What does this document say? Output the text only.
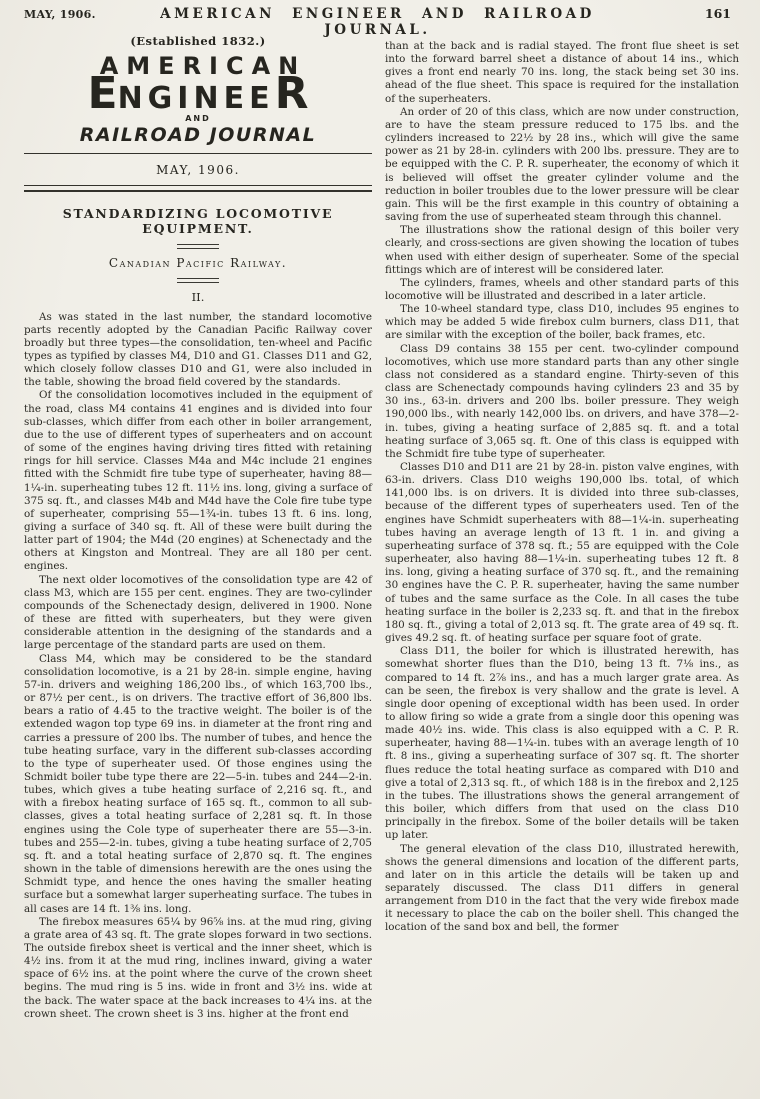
MAY, 1906.	AMERICAN ENGINEER AND RAILROAD JOURNAL.
161
(Established 1832.)
AMERICAN
ENGINEER
AND
RAILROAD JOURNAL
MAY, 1906.
STANDARDIZING LOCOMOTIVE EQUIPMENT.
Canadian Pacific Railway.
II.

As was stated in the last number, the standard locomotive parts recently adopted by the Canadian Pacific Railway cover broadly but three types—the consolidation, ten-wheel and Pacific types as typified by classes M4, D10 and G1. Classes D11 and G2, which closely follow classes D10 and G1, were also included in the table, showing the broad field covered by the standards.

Of the consolidation locomotives included in the equipment of the road, class M4 contains 41 engines and is divided into four sub-classes, which differ from each other in boiler arrangement, due to the use of different types of superheaters and on account of some of the engines having driving tires fitted with retaining rings for hill service. Classes M4a and M4c include 21 engines fitted with the Schmidt fire tube type of superheater, having 88—1¼-in. superheating tubes 12 ft. 11½ ins. long, giving a surface of 375 sq. ft., and classes M4b and M4d have the Cole fire tube type of superheater, comprising 55—1¾-in. tubes 13 ft. 6 ins. long, giving a surface of 340 sq. ft. All of these were built during the latter part of 1904; the M4d (20 engines) at Schenectady and the others at Kingston and Montreal. They are all 180 per cent. engines.

The next older locomotives of the consolidation type are 42 of class M3, which are 155 per cent. engines. They are two-cylinder compounds of the Schenectady design, delivered in 1900. None of these are fitted with superheaters, but they were given considerable attention in the designing of the standards and a large percentage of the standard parts are used on them.

Class M4, which may be considered to be the standard consolidation locomotive, is a 21 by 28-in. simple engine, having 57-in. drivers and weighing 186,200 lbs., of which 163,700 lbs., or 87½ per cent., is on drivers. The tractive effort of 36,800 lbs. bears a ratio of 4.45 to the tractive weight. The boiler is of the extended wagon top type 69 ins. in diameter at the front ring and carries a pressure of 200 lbs. The number of tubes, and hence the tube heating surface, vary in the different sub-classes according to the type of superheater used. Of those engines using the Schmidt boiler tube type there are 22—5-in. tubes and 244—2-in. tubes, which gives a tube heating surface of 2,216 sq. ft., and with a firebox heating surface of 165 sq. ft., common to all sub-classes, gives a total heating surface of 2,281 sq. ft. In those engines using the Cole type of superheater there are 55—3-in. tubes and 255—2-in. tubes, giving a tube heating surface of 2,705 sq. ft. and a total heating surface of 2,870 sq. ft. The engines shown in the table of dimensions herewith are the ones using the Schmidt type, and hence the ones having the smaller heating surface but a somewhat larger superheating surface. The tubes in all cases are 14 ft. 1⅜ ins. long.

The firebox measures 65¼ by 96⅝ ins. at the mud ring, giving a grate area of 43 sq. ft. The grate slopes forward in two sections. The outside firebox sheet is vertical and the inner sheet, which is 4½ ins. from it at the mud ring, inclines inward, giving a water space of 6½ ins. at the point where the curve of the crown sheet begins. The mud ring is 5 ins. wide in front and 3½ ins. wide at the back. The water space at the back increases to 4¼ ins. at the crown sheet. The crown sheet is 3 ins. higher at the front end

than at the back and is radial stayed. The front flue sheet is set into the forward barrel sheet a distance of about 14 ins., which gives a front end nearly 70 ins. long, the stack being set 30 ins. ahead of the flue sheet. This space is required for the installation of the superheaters.

An order of 20 of this class, which are now under construction, are to have the steam pressure reduced to 175 lbs. and the cylinders increased to 22½ by 28 ins., which will give the same power as 21 by 28-in. cylinders with 200 lbs. pressure. They are to be equipped with the C. P. R. superheater, the economy of which it is believed will offset the greater cylinder volume and the reduction in boiler troubles due to the lower pressure will be clear gain. This will be the first example in this country of obtaining a saving from the use of superheated steam through this channel.

The illustrations show the rational design of this boiler very clearly, and cross-sections are given showing the location of tubes when used with either design of superheater. Some of the special fittings which are of interest will be considered later.

The cylinders, frames, wheels and other standard parts of this locomotive will be illustrated and described in a later article.

The 10-wheel standard type, class D10, includes 95 engines to which may be added 5 wide firebox culm burners, class D11, that are similar with the exception of the boiler, back frames, etc.

Class D9 contains 38 155 per cent. two-cylinder compound locomotives, which use more standard parts than any other single class not considered as a standard engine. Thirty-seven of this class are Schenectady compounds having cylinders 23 and 35 by 30 ins., 63-in. drivers and 200 lbs. boiler pressure. They weigh 190,000 lbs., with nearly 142,000 lbs. on drivers, and have 378—2-in. tubes, giving a heating surface of 2,885 sq. ft. and a total heating surface of 3,065 sq. ft. One of this class is equipped with the Schmidt fire tube type of superheater.

Classes D10 and D11 are 21 by 28-in. piston valve engines, with 63-in. drivers. Class D10 weighs 190,000 lbs. total, of which 141,000 lbs. is on drivers. It is divided into three sub-classes, because of the different types of superheaters used. Ten of the engines have Schmidt superheaters with 88—1¼-in. superheating tubes having an average length of 13 ft. 1 in. and giving a superheating surface of 378 sq. ft.; 55 are equipped with the Cole superheater, also having 88—1¼-in. superheating tubes 12 ft. 8 ins. long, giving a heating surface of 370 sq. ft., and the remaining 30 engines have the C. P. R. superheater, having the same number of tubes and the same surface as the Cole. In all cases the tube heating surface in the boiler is 2,233 sq. ft. and that in the firebox 180 sq. ft., giving a total of 2,013 sq. ft. The grate area of 49 sq. ft. gives 49.2 sq. ft. of heating surface per square foot of grate.

Class D11, the boiler for which is illustrated herewith, has somewhat shorter flues than the D10, being 13 ft. 7⅛ ins., as compared to 14 ft. 2⅞ ins., and has a much larger grate area. As can be seen, the firebox is very shallow and the grate is level. A single door opening of exceptional width has been used. In order to allow firing so wide a grate from a single door this opening was made 40½ ins. wide. This class is also equipped with a C. P. R. superheater, having 88—1¼-in. tubes with an average length of 10 ft. 8 ins., giving a superheating surface of 307 sq. ft. The shorter flues reduce the total heating surface as compared with D10 and give a total of 2,313 sq. ft., of which 188 is in the firebox and 2,125 in the tubes. The illustrations shows the general arrangement of this boiler, which differs from that used on the class D10 principally in the firebox. Some of the boiler details will be taken up later.

The general elevation of the class D10, illustrated herewith, shows the general dimensions and location of the different parts, and later on in this article the details will be taken up and separately discussed. The class D11 differs in general arrangement from D10 in the fact that the very wide firebox made it necessary to place the cab on the boiler shell. This changed the location of the sand box and bell, the former
